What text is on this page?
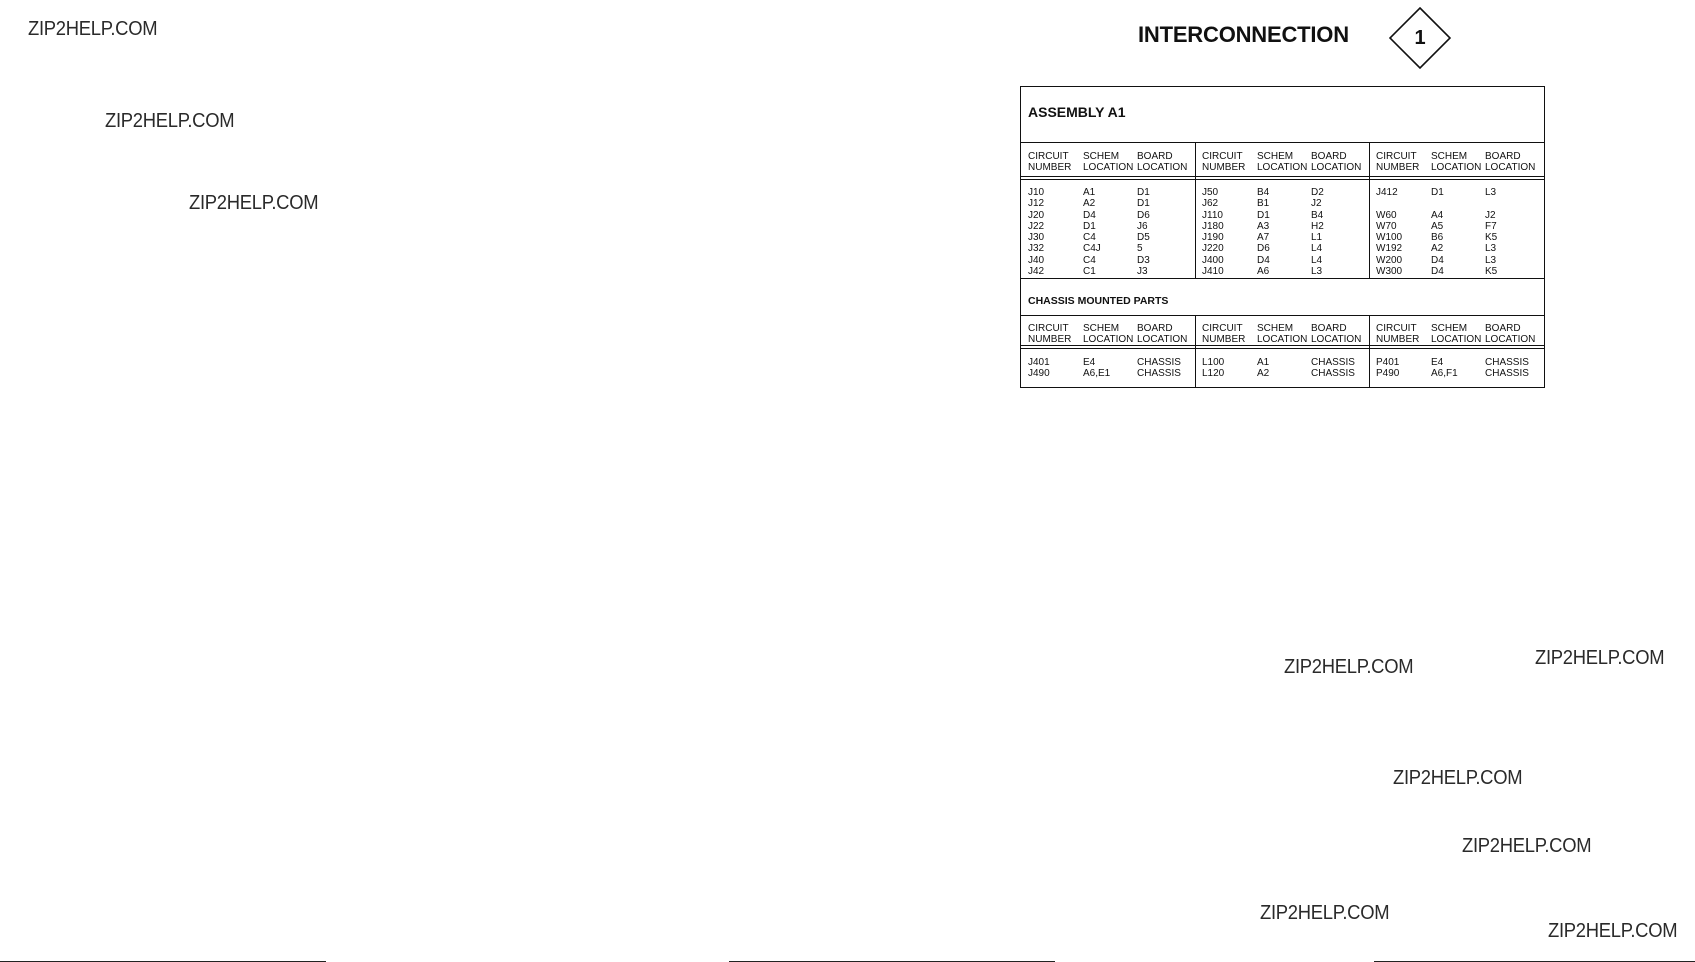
ZIP2HELP.COM
ZIP2HELP.COM
ZIP2HELP.COM
ZIP2HELP.COM	ZIP2HELP.COM
ZIP2HELP.COM
ZIP2HELP.COM
ZIP2HELP.COM
ZIP2HELP.COM
INTERCONNECTION	1
ASSEMBLY A1
CHASSIS MOUNTED PARTS
CIRCUIT
NUMBER
SCHEM
LOCATION
BOARD
LOCATION
CIRCUIT
NUMBER
SCHEM
LOCATION
BOARD
LOCATION
CIRCUIT
NUMBER
SCHEM
LOCATION
BOARD
LOCATION
J10
J12
J20
J22
J30
J32
J40
J42
A1
A2
D4
D1
C4
C4J
C4
C1
D1
D1
D6
J6
D5
5
D3
J3
J50
J62
J110
J180
J190
J220
J400
J410
B4
B1
D1
A3
A7
D6
D4
A6
D2
J2
B4
H2
L1
L4
L4
L3
J412
W60
W70
W100
W192
W200
W300
D1
A4
A5
B6
A2
D4
D4
L3
J2
F7
K5
L3
L3
K5
CIRCUIT
NUMBER
SCHEM
LOCATION
BOARD
LOCATION
CIRCUIT
NUMBER
SCHEM
LOCATION
BOARD
LOCATION
CIRCUIT
NUMBER
SCHEM
LOCATION
BOARD
LOCATION
J401
J490
E4
A6,E1
CHASSIS
CHASSIS
L100
L120
A1
A2
CHASSIS
CHASSIS
P401
P490
E4
A6,F1
CHASSIS
CHASSIS
